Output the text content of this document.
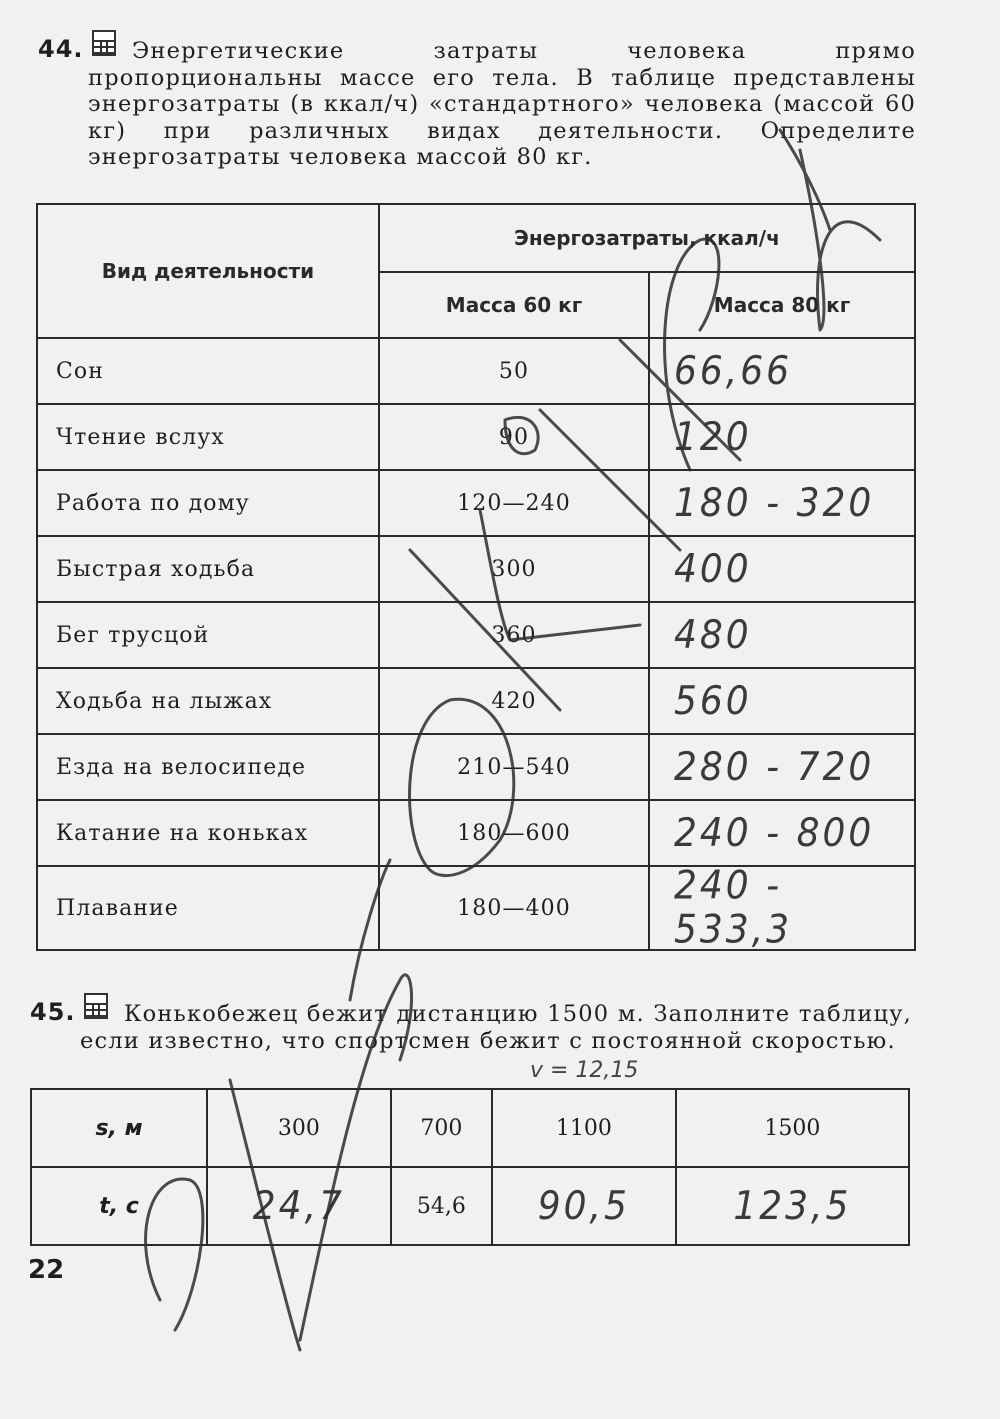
44.	Энергетические затраты человека прямо пропорциональны массе его тела. В таблице представлены энергозатраты (в ккал/ч) «стандартного» человека (массой 60 кг) при различных видах деятельности. Определите энергозатраты человека массой 80 кг.
Вид деятельности	Энергозатраты, ккал/ч	
	Масса 60 кг	Масса 80 кг
Сон	50	66,66
Чтение вслух	90	120
Работа по дому	120—240	180 - 320
Быстрая ходьба	300	400
Бег трусцой	360	480
Ходьба на лыжах	420	560
Езда на велосипеде	210—540	280 - 720
Катание на коньках	180—600	240 - 800
Плавание	180—400	240 - 533,3
45.	Конькобежец бежит дистанцию 1500 м. Заполните таблицу, если известно, что спортсмен бежит с постоянной скоростью.
v = 12,15
s, м	300	700	1100	1500
t, c	24,7	54,6	90,5	123,5
22
